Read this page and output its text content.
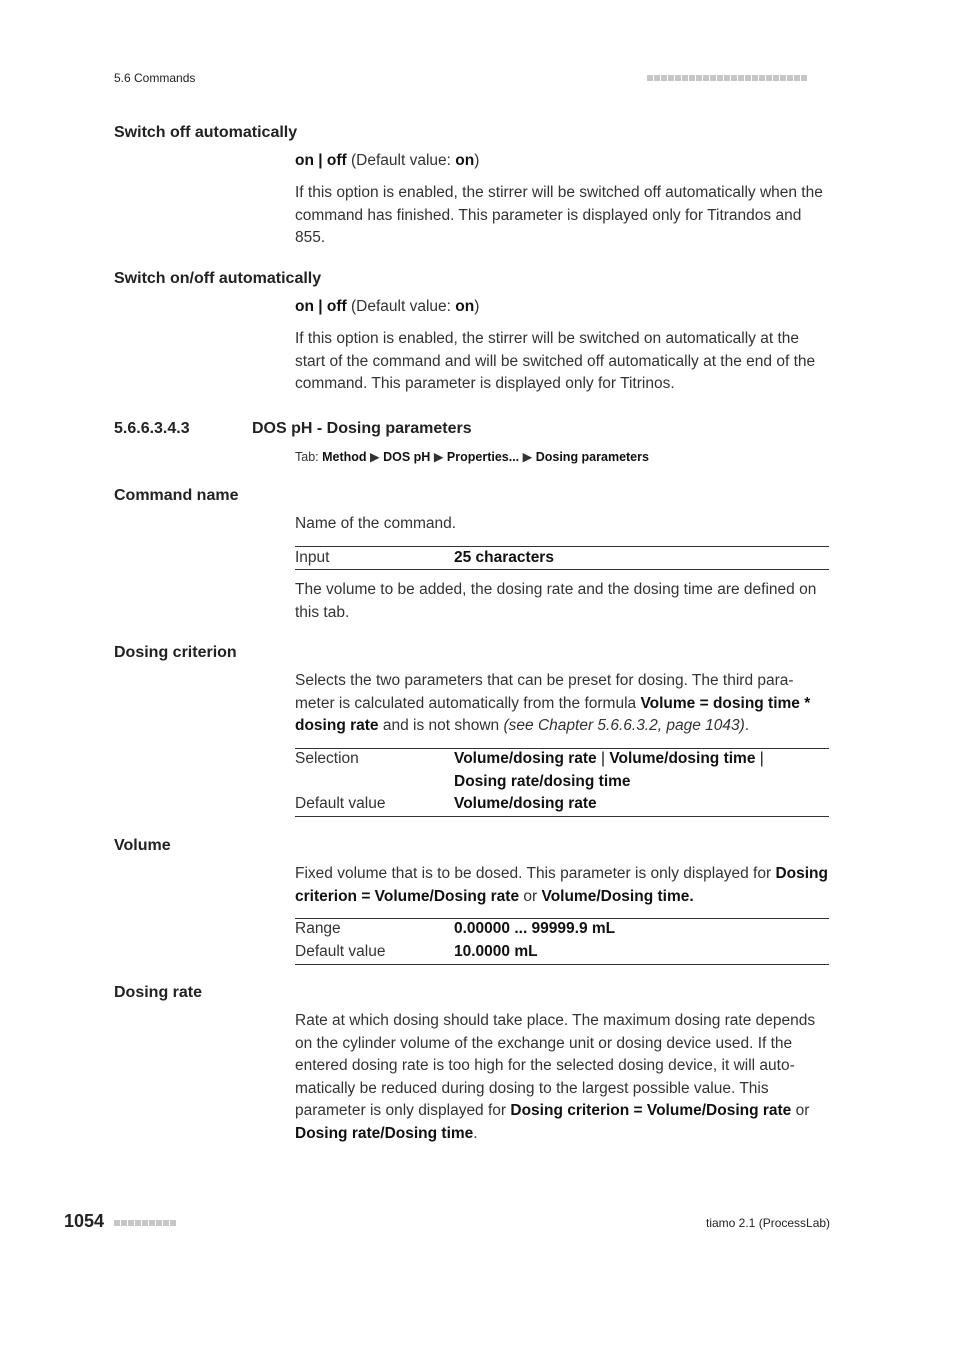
5.6 Commands
Switch off automatically
on | off (Default value: on)
If this option is enabled, the stirrer will be switched off automatically when the command has finished. This parameter is displayed only for Titrandos and 855.
Switch on/off automatically
on | off (Default value: on)
If this option is enabled, the stirrer will be switched on automatically at the start of the command and will be switched off automatically at the end of the command. This parameter is displayed only for Titrinos.
5.6.6.3.4.3	DOS pH - Dosing parameters
Tab: Method ▶ DOS pH ▶ Properties... ▶ Dosing parameters
Command name
Name of the command.
Input	25 characters
The volume to be added, the dosing rate and the dosing time are defined on this tab.
Dosing criterion
Selects the two parameters that can be preset for dosing. The third para-meter is calculated automatically from the formula Volume = dosing time * dosing rate and is not shown (see Chapter 5.6.6.3.2, page 1043).
Selection	Volume/dosing rate | Volume/dosing time |
Dosing rate/dosing time
Default value	Volume/dosing rate
Volume
Fixed volume that is to be dosed. This parameter is only displayed for Dosing criterion = Volume/Dosing rate or Volume/Dosing time.
Range	0.00000 ... 99999.9 mL
Default value	10.0000 mL
Dosing rate
Rate at which dosing should take place. The maximum dosing rate depends on the cylinder volume of the exchange unit or dosing device used. If the entered dosing rate is too high for the selected dosing device, it will auto-matically be reduced during dosing to the largest possible value. This parameter is only displayed for Dosing criterion = Volume/Dosing rate or Dosing rate/Dosing time.
1054	tiamo 2.1 (ProcessLab)
